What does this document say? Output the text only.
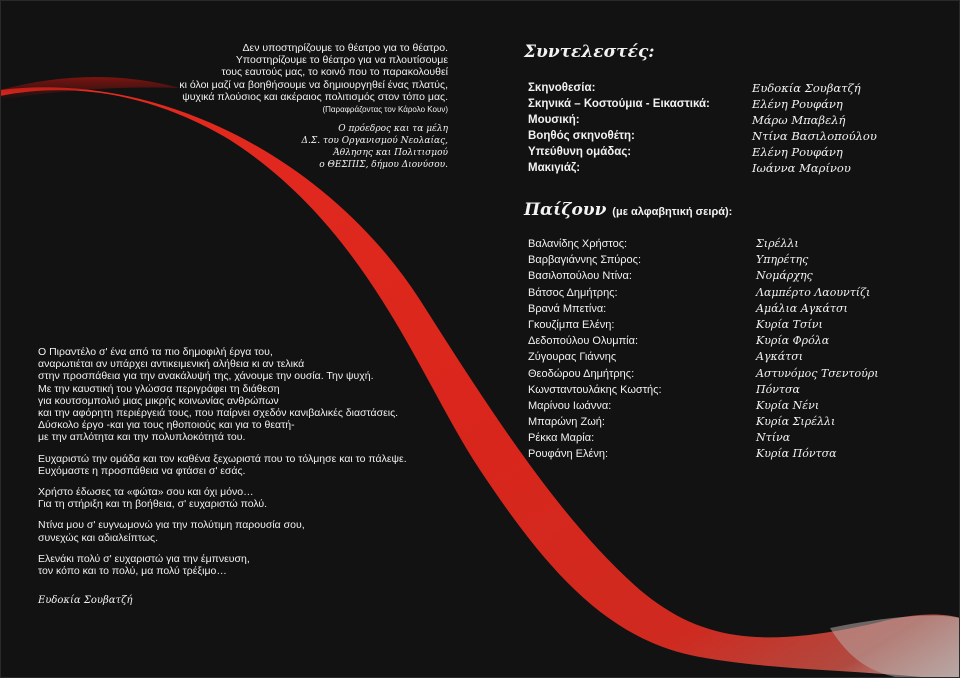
Δεν υποστηρίζουμε το θέατρο για το θέατρο.
Υποστηρίζουμε το θέατρο για να πλουτίσουμε
τους εαυτούς μας, το κοινό που το παρακολουθεί
κι όλοι μαζί να βοηθήσουμε να δημιουργηθεί ένας πλατύς,
ψυχικά πλούσιος και ακέραιος πολιτισμός στον τόπο μας.
(Παραφράζοντας τον Κάρολο Κουν)
Ο πρόεδρος και τα μέλη
Δ.Σ. του Οργανισμού Νεολαίας,
Άθλησης και Πολιτισμού
ο ΘΕΣΠΙΣ, δήμου Διονύσου.

Ο Πιραντέλο σ' ένα από τα πιο δημοφιλή έργα του,
αναρωτιέται αν υπάρχει αντικειμενική αλήθεια κι αν τελικά
στην προσπάθεια για την ανακάλυψή της, χάνουμε την ουσία. Την ψυχή.
Με την καυστική του γλώσσα περιγράφει τη διάθεση
για κουτσομπολιό μιας μικρής κοινωνίας ανθρώπων
και την αφόρητη περιέργειά τους, που παίρνει σχεδόν κανιβαλικές διαστάσεις.
Δύσκολο έργο -και για τους ηθοποιούς και για το θεατή-
με την απλότητα και την πολυπλοκότητά του.

Ευχαριστώ την ομάδα και τον καθένα ξεχωριστά που το τόλμησε και το πάλεψε.
Ευχόμαστε η προσπάθεια να φτάσει σ' εσάς.

Χρήστο έδωσες τα «φώτα» σου και όχι μόνο…
Για τη στήριξη και τη βοήθεια, σ' ευχαριστώ πολύ.

Ντίνα μου σ' ευγνωμονώ για την πολύτιμη παρουσία σου,
συνεχώς και αδιαλείπτως.

Ελενάκι πολύ σ' ευχαριστώ για την έμπνευση,
τον κόπο και το πολύ, μα πολύ τρέξιμο…

Ευδοκία Σουβατζή

Συντελεστές:
Σκηνοθεσία:	Ευδοκία Σουβατζή
Σκηνικά – Κοστούμια - Εικαστικά:	Ελένη Ρουφάνη
Μουσική:	Μάρω Μπαβελή
Βοηθός σκηνοθέτη:	Ντίνα Βασιλοπούλου
Υπεύθυνη ομάδας:	Ελένη Ρουφάνη
Μακιγιάζ:	Ιωάννα Μαρίνου
Παίζουν (με αλφαβητική σειρά):
Βαλανίδης Χρήστος:	Σιρέλλι
Βαρβαγιάννης Σπύρος:	Υπηρέτης
Βασιλοπούλου Ντίνα:	Νομάρχης
Βάτσος Δημήτρης:	Λαμπέρτο Λαουντίζι
Βρανά Μπετίνα:	Αμάλια Αγκάτσι
Γκουζίμπα Ελένη:	Κυρία Τσίνι
Δεδοπούλου Ολυμπία:	Κυρία Φρόλα
Ζύγουρας Γιάννης	Αγκάτσι
Θεοδώρου Δημήτρης:	Αστυνόμος Τσεντούρι
Κωνσταντουλάκης Κωστής:	Πόντσα
Μαρίνου Ιωάννα:	Κυρία Νένι
Μπαρώνη Ζωή:	Κυρία Σιρέλλι
Ρέκκα Μαρία:	Ντίνα
Ρουφάνη Ελένη:	Κυρία Πόντσα
